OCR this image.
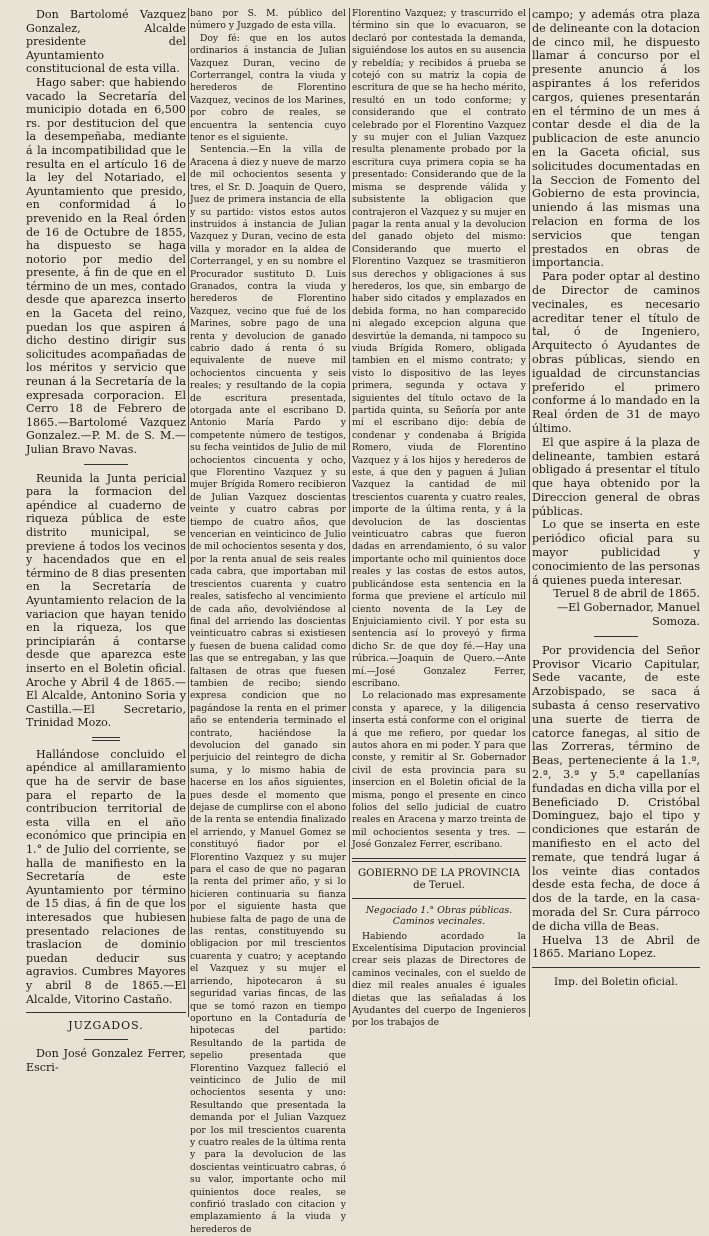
Don Bartolomé Vazquez Gonzalez, Alcalde presidente del Ayuntamiento constitucional de esta villa.

Hago saber: que habiendo vacado la Secretaría del municipio dotada en 6,500 rs. por destitucion del que la desempeñaba, mediante á la incompatibilidad que le resulta en el artículo 16 de la ley del Notariado, el Ayuntamiento que presido, en conformidad á lo prevenido en la Real órden de 16 de Octubre de 1855, ha dispuesto se haga notorio por medio del presente, á fin de que en el término de un mes, contado desde que aparezca inserto en la Gaceta del reino, puedan los que aspiren á dicho destino dirigir sus solicitudes acompañadas de los méritos y servicio que reunan á la Secretaría de la expresada corporacion. El Cerro 18 de Febrero de 1865.—Bartolomé Vazquez Gonzalez.—P. M. de S. M.—Julian Bravo Navas.

Reunida la Junta pericial para la formacion del apéndice al cuaderno de riqueza pública de este distrito municipal, se previene á todos los vecinos y hacendados que en el término de 8 dias presenten en la Secretaría de Ayuntamiento relacion de la variacion que hayan tenido en la riqueza, los que principiarán á contarse desde que aparezca este inserto en el Boletin oficial. Aroche y Abril 4 de 1865.—El Alcalde, Antonino Soria y Castilla.—El Secretario, Trinidad Mozo.

Hallándose concluido el apéndice al amillaramiento que ha de servir de base para el reparto de la contribucion territorial de esta villa en el año económico que principia en 1.° de Julio del corriente, se halla de manifiesto en la Secretaría de este Ayuntamiento por término de 15 dias, á fin de que los interesados que hubiesen presentado relaciones de traslacion de dominio puedan deducir sus agravios. Cumbres Mayores y abril 8 de 1865.—El Alcalde, Vitorino Castaño.

JUZGADOS.

Don José Gonzalez Ferrer, Escri-

bano por S. M. público del número y Juzgado de esta villa.

Doy fé: que en los autos ordinarios á instancia de Julian Vazquez Duran, vecino de Corterrangel, contra la viuda y herederos de Florentino Vazquez, vecinos de los Marines, por cobro de reales, se encuentra la sentencia cuyo tenor es el siguiente.

Sentencia.—En la villa de Aracena á diez y nueve de marzo de mil ochocientos sesenta y tres, el Sr. D. Joaquin de Quero, Juez de primera instancia de ella y su partido: vistos estos autos instruidos á instancia de Julian Vazquez y Duran, vecino de esta villa y morador en la aldea de Corterrangel, y en su nombre el Procurador sustituto D. Luis Granados, contra la viuda y herederos de Florentino Vazquez, vecino que fué de los Marines, sobre pago de una renta y devolucion de ganado cabrio dado á renta ó su equivalente de nueve mil ochocientos cincuenta y seis reales; y resultando de la copia de escritura presentada, otorgada ante el escribano D. Antonio María Pardo y competente número de testigos, su fecha veintidos de Julio de mil ochocientos cincuenta y ocho, que Florentino Vazquez y su mujer Brígida Romero recibieron de Julian Vazquez doscientas veinte y cuatro cabras por tiempo de cuatro años, que vencerian en veinticinco de Julio de mil ochocientos sesenta y dos, por la renta anual de seis reales cada cabra, que importaban mil trescientos cuarenta y cuatro reales, satisfecho al vencimiento de cada año, devolviéndose al final del arriendo las doscientas veinticuatro cabras si existiesen y fuesen de buena calidad como las que se entregaban, y las que faltasen de otras que fuesen tambien de recibo; siendo expresa condicion que no pagándose la renta en el primer año se entenderia terminado el contrato, haciéndose la devolucion del ganado sin perjuicio del reintegro de dicha suma, y lo mismo habia de hacerse en los años siguientes, pues desde el momento que dejase de cumplirse con el abono de la renta se entendia finalizado el arriendo, y Manuel Gomez se constituyó fiador por el Florentino Vazquez y su mujer para el caso de que no pagaran la renta del primer año, y si lo hicieren continuaria su fianza por el siguiente hasta que hubiese falta de pago de una de las rentas, constituyendo su obligacion por mil trescientos cuarenta y cuatro; y aceptando el Vazquez y su mujer el arriendo, hipotecaron á su seguridad varias fincas, de las que se tomó razon en tiempo oportuno en la Contaduría de hipotecas del partido: Resultando de la partida de sepelio presentada que Florentino Vazquez falleció el veinticinco de Julio de mil ochocientos sesenta y uno: Resultando que presentada la demanda por el Julian Vazquez por los mil trescientos cuarenta y cuatro reales de la última renta y para la devolucion de las doscientas veinticuatro cabras, ó su valor, importante ocho mil quinientos doce reales, se confirió traslado con citacion y emplazamiento á la viuda y herederos de

Florentino Vazquez; y trascurrido el término sin que lo evacuaron, se declaró por contestada la demanda, siguiéndose los autos en su ausencia y rebeldía; y recibidos á prueba se cotejó con su matriz la copia de escritura de que se ha hecho mérito, resultó en un todo conforme; y considerando que el contrato celebrado por el Florentino Vazquez y su mujer con el Julian Vazquez resulta plenamente probado por la escritura cuya primera copia se ha presentado: Considerando que de la misma se desprende válida y subsistente la obligacion que contrajeron el Vazquez y su mujer en pagar la renta anual y la devolucion del ganado objeto del mismo: Considerando que muerto el Florentino Vazquez se trasmitieron sus derechos y obligaciones á sus herederos, los que, sin embargo de haber sido citados y emplazados en debida forma, no han comparecido ni alegado excepcion alguna que desvirtúe la demanda, ni tampoco su viuda Brígida Romero, obligada tambien en el mismo contrato; y visto lo dispositivo de las leyes primera, segunda y octava y siguientes del título octavo de la partida quinta, su Señoría por ante mí el escribano dijo: debía de condenar y condenaba á Brígida Romero, viuda de Florentino Vazquez y á los hijos y herederos de este, á que den y paguen á Julian Vazquez la cantidad de mil trescientos cuarenta y cuatro reales, importe de la última renta, y á la devolucion de las doscientas veinticuatro cabras que fueron dadas en arrendamiento, ó su valor importante ocho mil quinientos doce reales y las costas de estos autos, publicándose esta sentencia en la forma que previene el artículo mil ciento noventa de la Ley de Enjuiciamiento civil. Y por esta su sentencia así lo proveyó y firma dicho Sr. de que doy fé.—Hay una rúbrica.—Joaquin de Quero.—Ante mí.—José Gonzalez Ferrer, escribano.

Lo relacionado mas expresamente consta y aparece, y la diligencia inserta está conforme con el original á que me refiero, por quedar los autos ahora en mi poder. Y para que conste, y remitir al Sr. Gobernador civil de esta provincia para su insercion en el Boletin oficial de la misma, pongo el presente en cinco folios del sello judicial de cuatro reales en Aracena y marzo treinta de mil ochocientos sesenta y tres. —José Gonzalez Ferrer, escribano.

GOBIERNO DE LA PROVINCIA
de Teruel.
Negociado 1.° Obras públicas. Caminos vecinales.

Habiendo acordado la Excelentísima Diputacion provincial crear seis plazas de Directores de caminos vecinales, con el sueldo de diez mil reales anuales é iguales dietas que las señaladas á los Ayudantes del cuerpo de Ingenieros por los trabajos de

campo; y además otra plaza de delineante con la dotacion de cinco mil, he dispuesto llamar á concurso por el presente anuncio á los aspirantes á los referidos cargos, quienes presentarán en el término de un mes á contar desde el dia de la publicacion de este anuncio en la Gaceta oficial, sus solicitudes documentadas en la Seccion de Fomento del Gobierno de esta provincia, uniendo á las mismas una relacion en forma de los servicios que tengan prestados en obras de importancia.

Para poder optar al destino de Director de caminos vecinales, es necesario acreditar tener el título de tal, ó de Ingeniero, Arquitecto ó Ayudantes de obras públicas, siendo en igualdad de circunstancias preferido el primero conforme á lo mandado en la Real órden de 31 de mayo último.

El que aspire á la plaza de delineante, tambien estará obligado á presentar el título que haya obtenido por la Direccion general de obras públicas.

Lo que se inserta en este periódico oficial para su mayor publicidad y conocimiento de las personas á quienes pueda interesar.

Teruel 8 de abril de 1865. —El Gobernador, Manuel Somoza.

Por providencia del Señor Provisor Vicario Capitular, Sede vacante, de este Arzobispado, se saca á subasta á censo reservativo una suerte de tierra de catorce fanegas, al sitio de las Zorreras, término de Beas, perteneciente á la 1.ª, 2.ª, 3.ª y 5.ª capellanías fundadas en dicha villa por el Beneficiado D. Cristóbal Dominguez, bajo el tipo y condiciones que estarán de manifiesto en el acto del remate, que tendrá lugar á los veinte dias contados desde esta fecha, de doce á dos de la tarde, en la casa-morada del Sr. Cura párroco de dicha villa de Beas.

Huelva 13 de Abril de 1865. Mariano Lopez.

Imp. del Boletin oficial.
